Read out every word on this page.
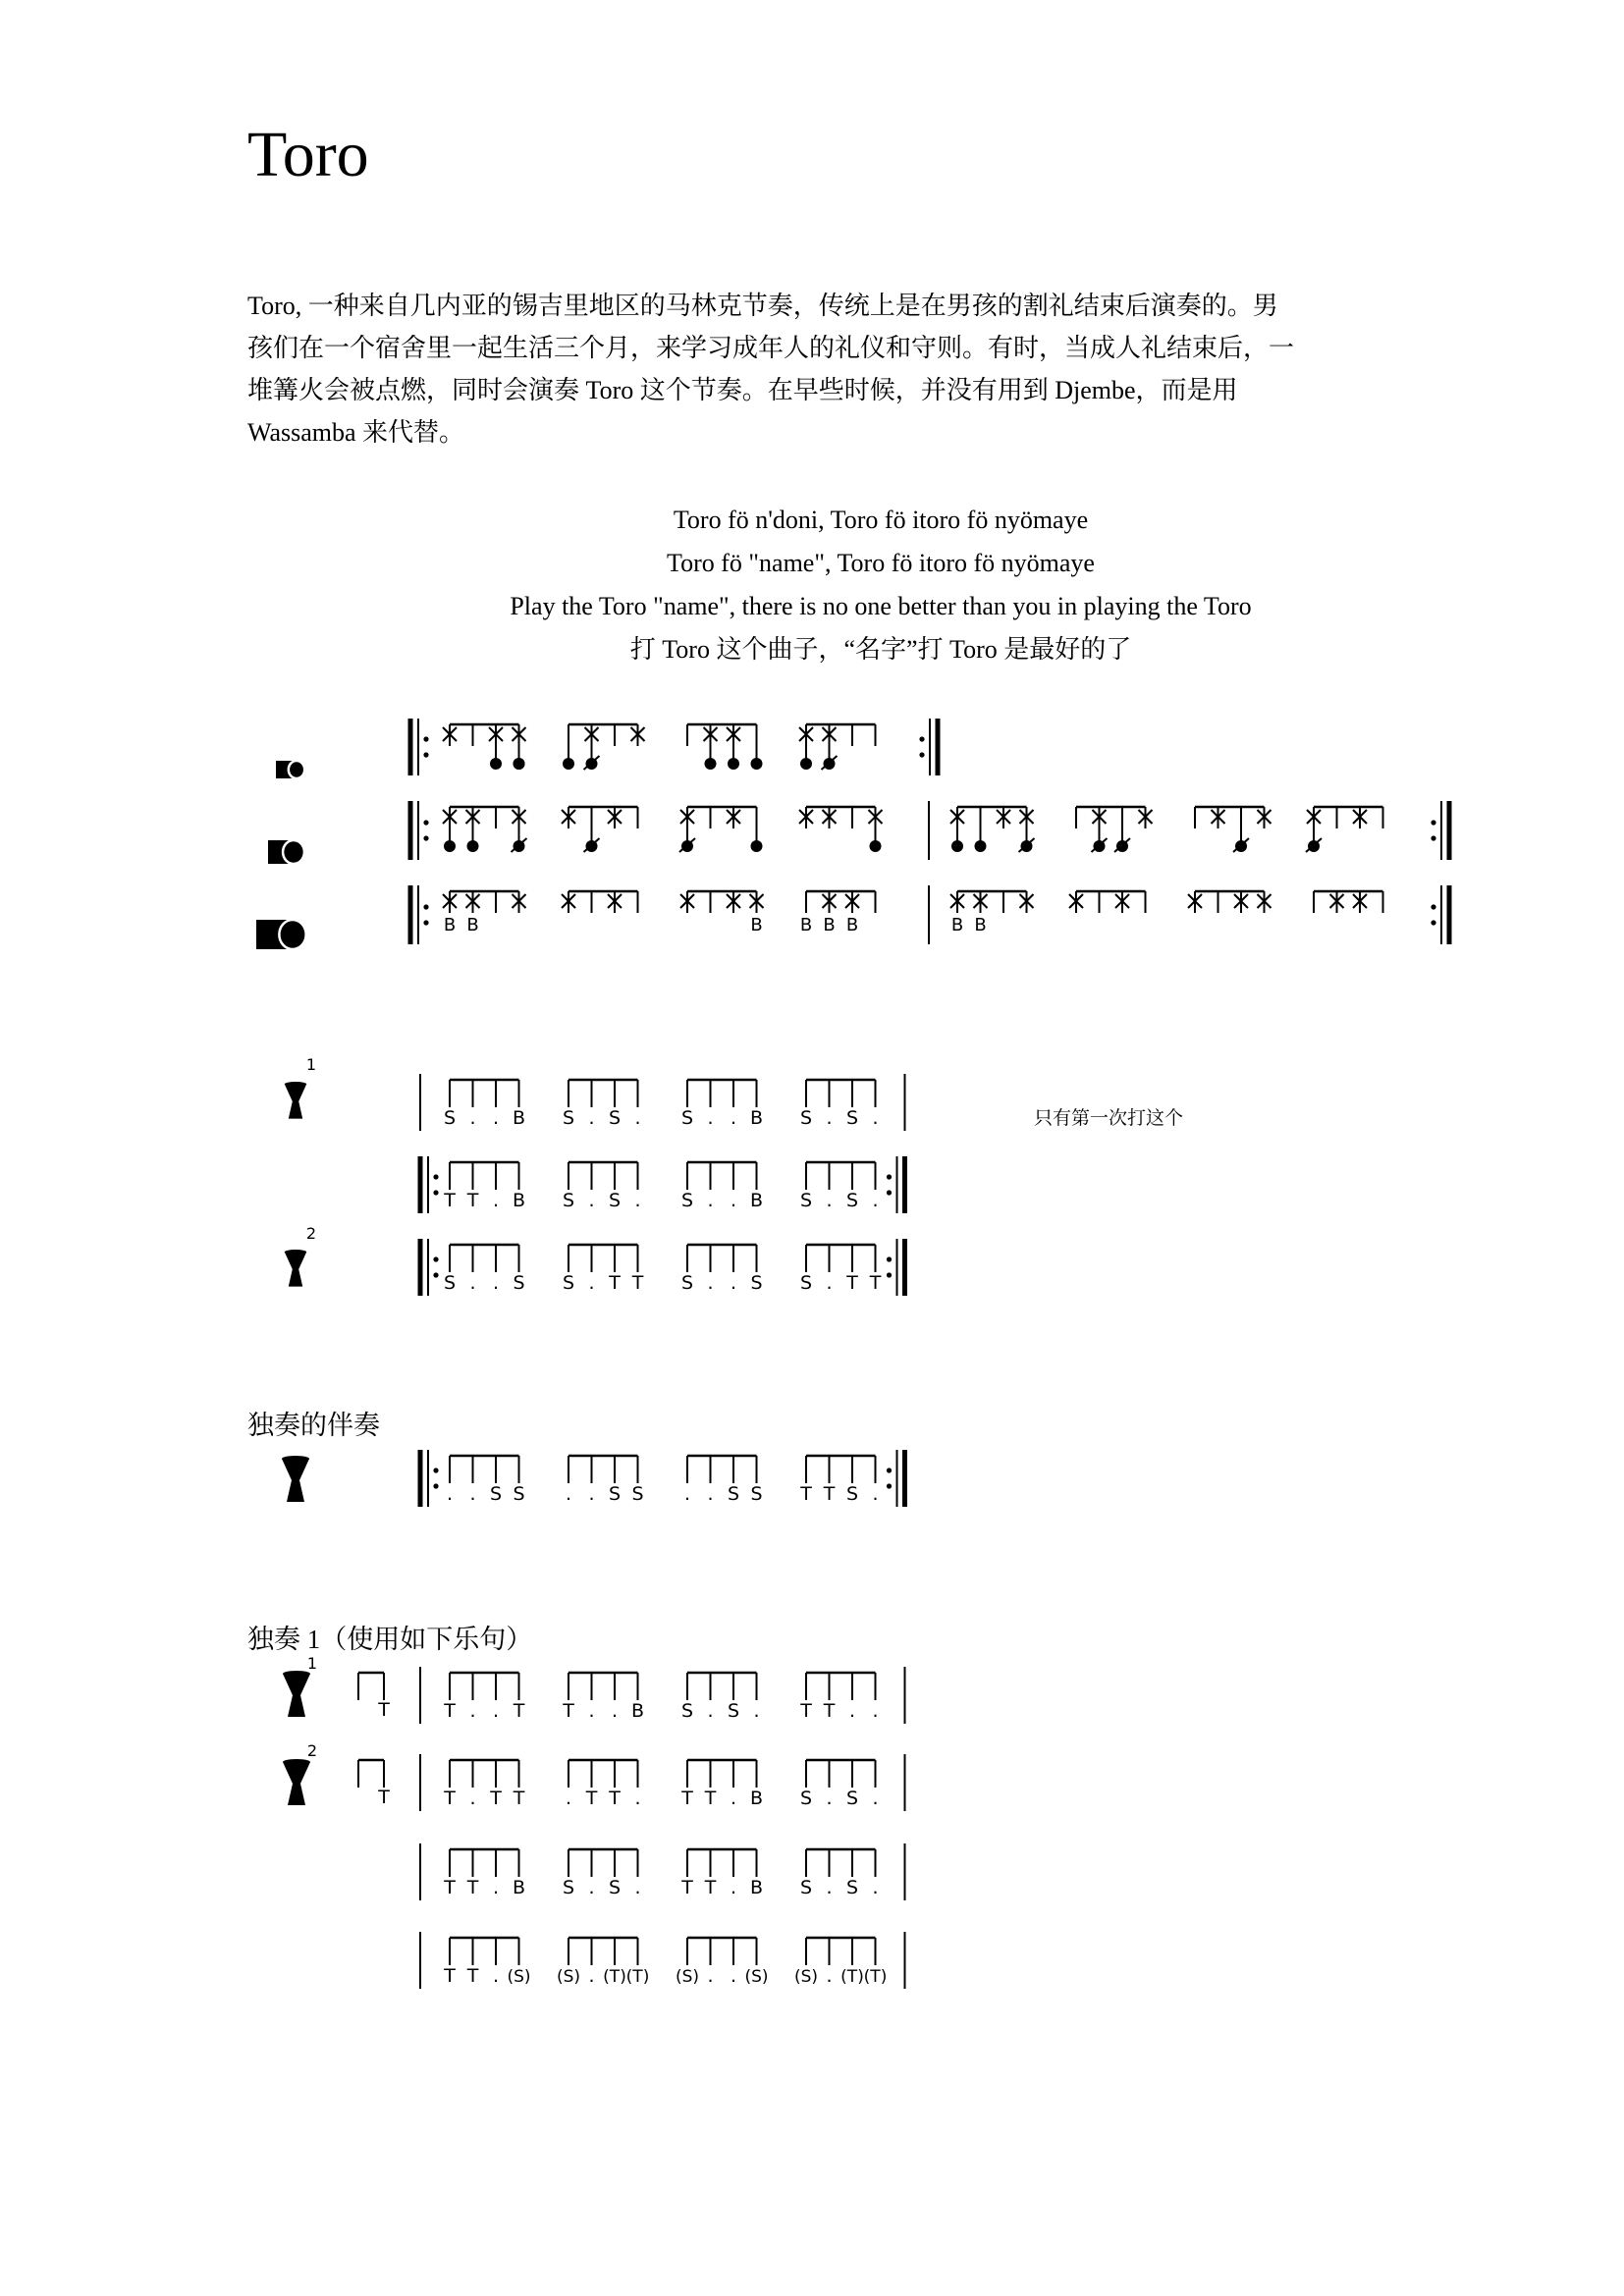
Toro

Toro, 一种来自几内亚的锡吉里地区的马林克节奏，传统上是在男孩的割礼结束后演奏的。男
孩们在一个宿舍里一起生活三个月，来学习成年人的礼仪和守则。有时，当成人礼结束后，一
堆篝火会被点燃，同时会演奏 Toro 这个节奏。在早些时候，并没有用到 Djembe，而是用
Wassamba 来代替。

Toro fö n'doni, Toro fö itoro fö nyömaye
Toro fö "name", Toro fö itoro fö nyömaye
Play the Toro "name", there is no one better than you in playing the Toro
打 Toro 这个曲子，“名字”打 Toro 是最好的了
只有第一次打这个
独奏的伴奏
独奏 1（使用如下乐句）
B B	B B B B	B B
S . . B S . S . S . . B S . S .
T T . B S . S . S . . B S . S .
S . . S S . T T S . . S S . T T
. . S S . . S S . . S S T T S .
T . . T T . . B S . S . T T . .
T . T T . T T . T T . B S . S .
T T . B S . S . T T . B S . S .
T T . (S) (S) . (T) (T) (S) . . (S) (S) . (T) (T)
T
T
1
2
1
2
